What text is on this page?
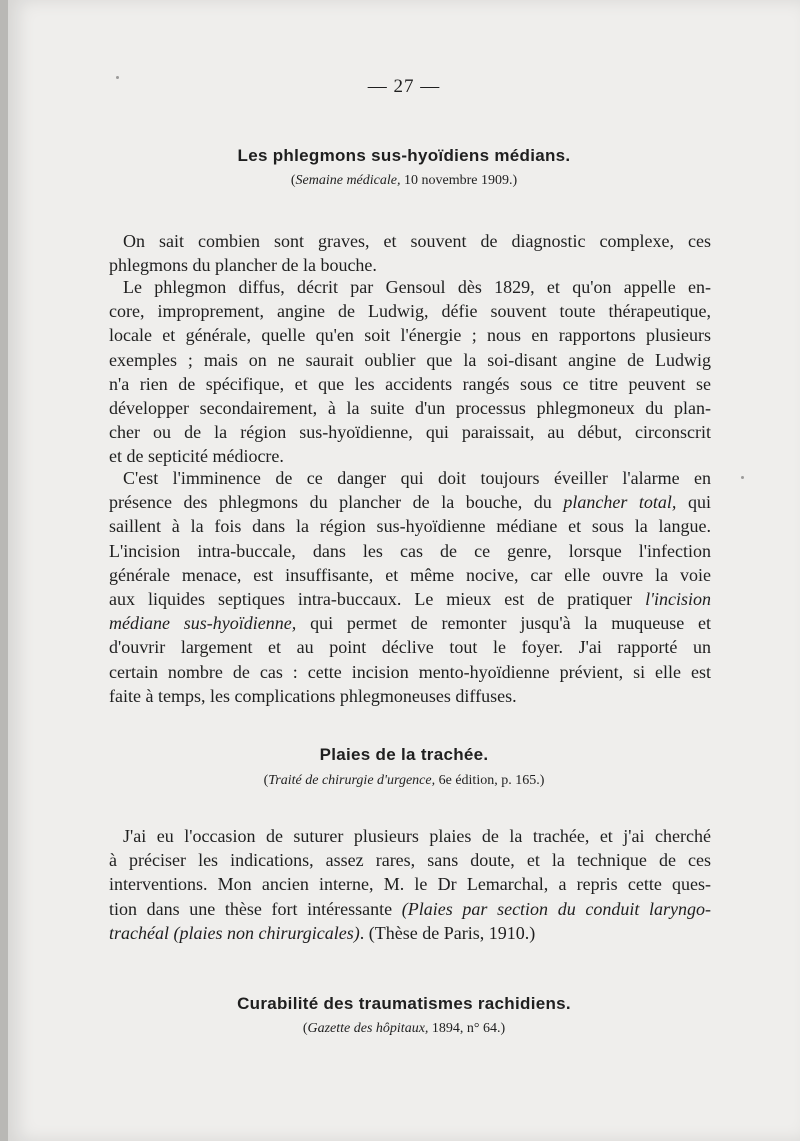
— 27 —
Les phlegmons sus-hyoïdiens médians.
(Semaine médicale, 10 novembre 1909.)
On sait combien sont graves, et souvent de diagnostic complexe, ces
phlegmons du plancher de la bouche.
Le phlegmon diffus, décrit par Gensoul dès 1829, et qu'on appelle en-
core, improprement, angine de Ludwig, défie souvent toute thérapeutique,
locale et générale, quelle qu'en soit l'énergie ; nous en rapportons plusieurs
exemples ; mais on ne saurait oublier que la soi-disant angine de Ludwig
n'a rien de spécifique, et que les accidents rangés sous ce titre peuvent se
développer secondairement, à la suite d'un processus phlegmoneux du plan-
cher ou de la région sus-hyoïdienne, qui paraissait, au début, circonscrit
et de septicité médiocre.
C'est l'imminence de ce danger qui doit toujours éveiller l'alarme en
présence des phlegmons du plancher de la bouche, du plancher total, qui
saillent à la fois dans la région sus-hyoïdienne médiane et sous la langue.
L'incision intra-buccale, dans les cas de ce genre, lorsque l'infection
générale menace, est insuffisante, et même nocive, car elle ouvre la voie
aux liquides septiques intra-buccaux. Le mieux est de pratiquer l'incision
médiane sus-hyoïdienne, qui permet de remonter jusqu'à la muqueuse et
d'ouvrir largement et au point déclive tout le foyer. J'ai rapporté un
certain nombre de cas : cette incision mento-hyoïdienne prévient, si elle est
faite à temps, les complications phlegmoneuses diffuses.
Plaies de la trachée.
(Traité de chirurgie d'urgence, 6e édition, p. 165.)
J'ai eu l'occasion de suturer plusieurs plaies de la trachée, et j'ai cherché
à préciser les indications, assez rares, sans doute, et la technique de ces
interventions. Mon ancien interne, M. le Dr Lemarchal, a repris cette ques-
tion dans une thèse fort intéressante (Plaies par section du conduit laryngo-
trachéal (plaies non chirurgicales). (Thèse de Paris, 1910.)
Curabilité des traumatismes rachidiens.
(Gazette des hôpitaux, 1894, n° 64.)
